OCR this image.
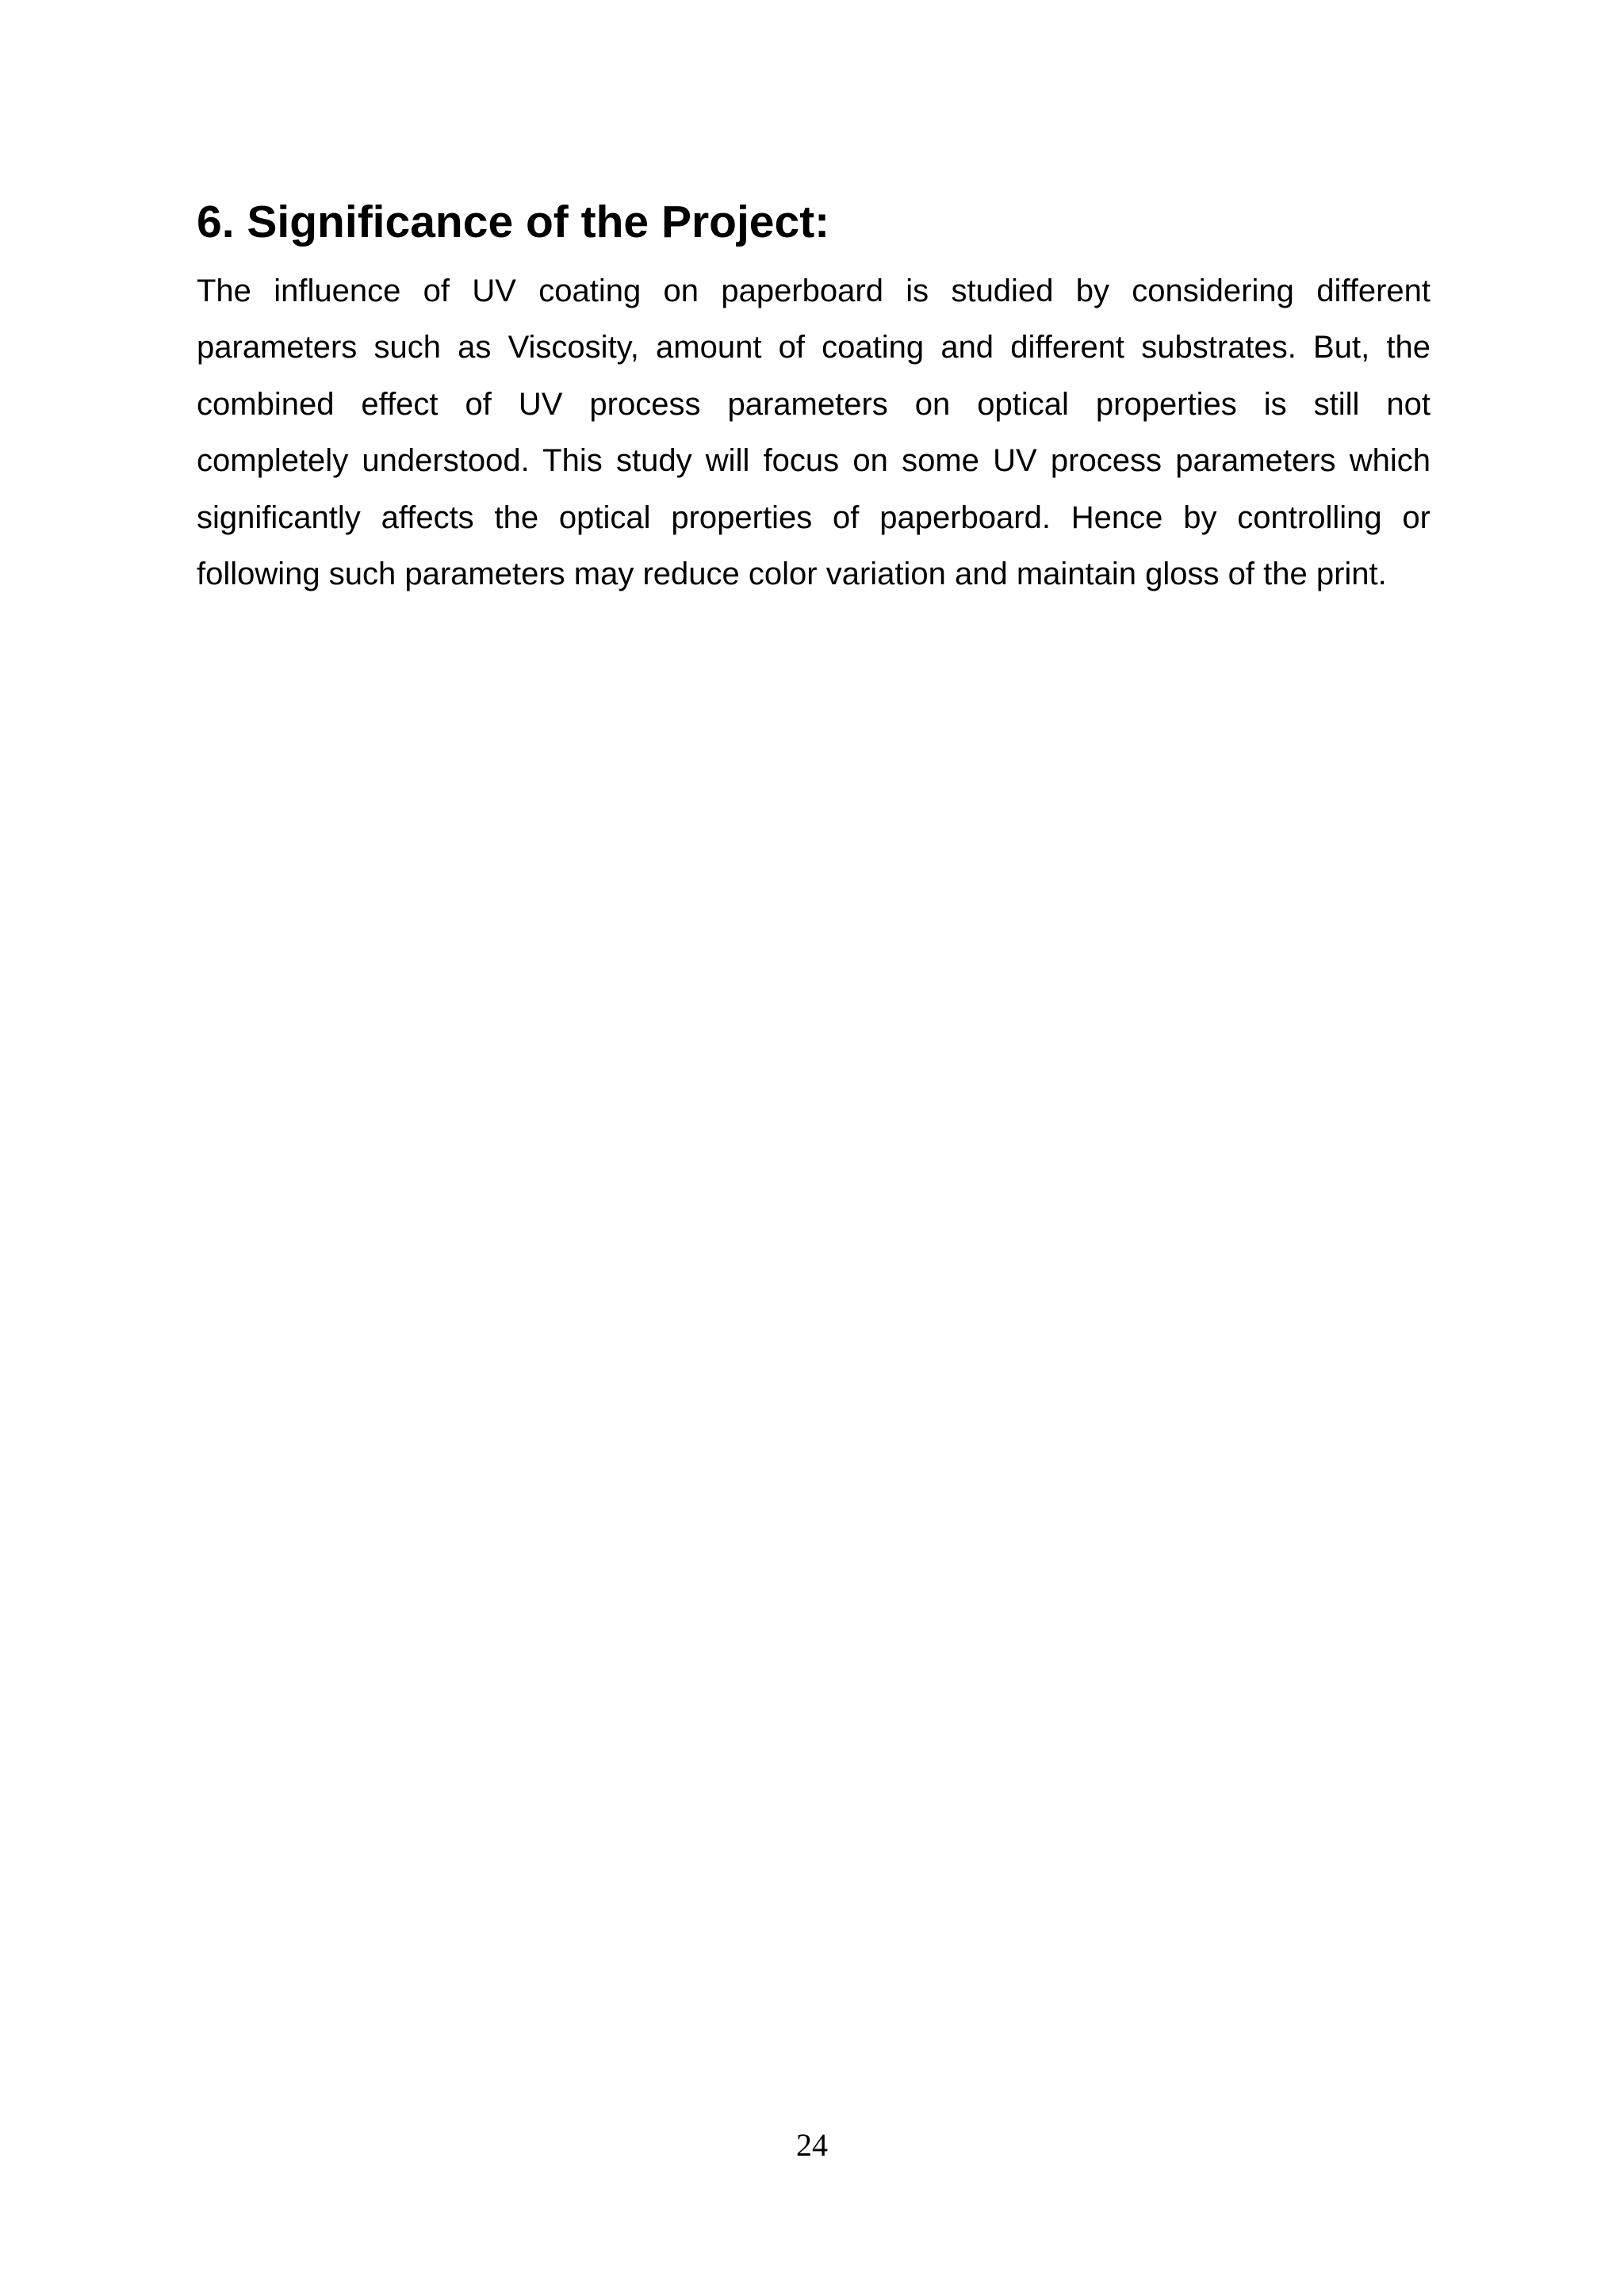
6. Significance of the Project:
The influence of UV coating on paperboard is studied by considering different
parameters such as Viscosity, amount of coating and different substrates. But, the
combined effect of UV process parameters on optical properties is still not
completely understood. This study will focus on some UV process parameters which
significantly affects the optical properties of paperboard. Hence by controlling or
following such parameters may reduce color variation and maintain gloss of the print.
24
